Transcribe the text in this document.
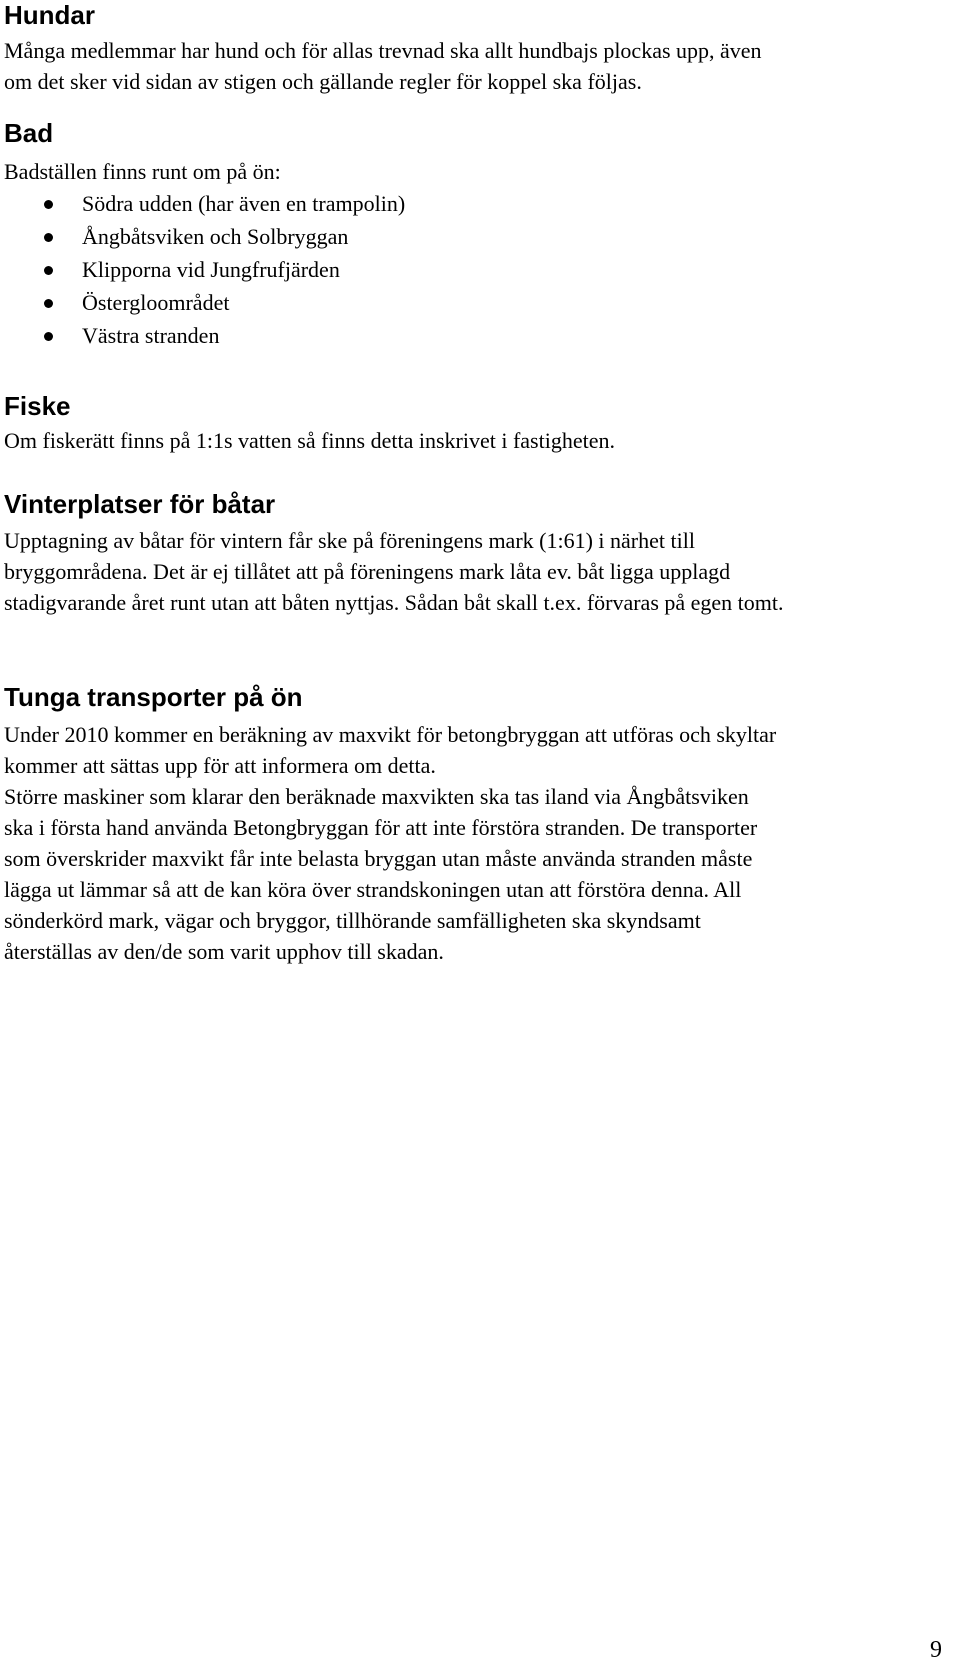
Hundar

Många medlemmar har hund och för allas trevnad ska allt hundbajs plockas upp, även

om det sker vid sidan av stigen och gällande regler för koppel ska följas.

Bad

Badställen finns runt om på ön:

Södra udden (har även en trampolin)
Ångbåtsviken och Solbryggan
Klipporna vid Jungfrufjärden
Östergloområdet
Västra stranden
Fiske

Om fiskerätt finns på 1:1s vatten så finns detta inskrivet i fastigheten.

Vinterplatser för båtar

Upptagning av båtar för vintern får ske på föreningens mark (1:61) i närhet till

bryggområdena. Det är ej tillåtet att på föreningens mark låta ev. båt ligga upplagd

stadigvarande året runt utan att båten nyttjas. Sådan båt skall t.ex. förvaras på egen tomt.

Tunga transporter på ön

Under 2010 kommer en beräkning av maxvikt för betongbryggan att utföras och skyltar

kommer att sättas upp för att informera om detta.

Större maskiner som klarar den beräknade maxvikten ska tas iland via Ångbåtsviken

ska i första hand använda Betongbryggan för att inte förstöra stranden. De transporter

som överskrider maxvikt får inte belasta bryggan utan måste använda stranden måste

lägga ut lämmar så att de kan köra över strandskoningen utan att förstöra denna. All

sönderkörd mark, vägar och bryggor, tillhörande samfälligheten ska skyndsamt

återställas av den/de som varit upphov till skadan.

9
